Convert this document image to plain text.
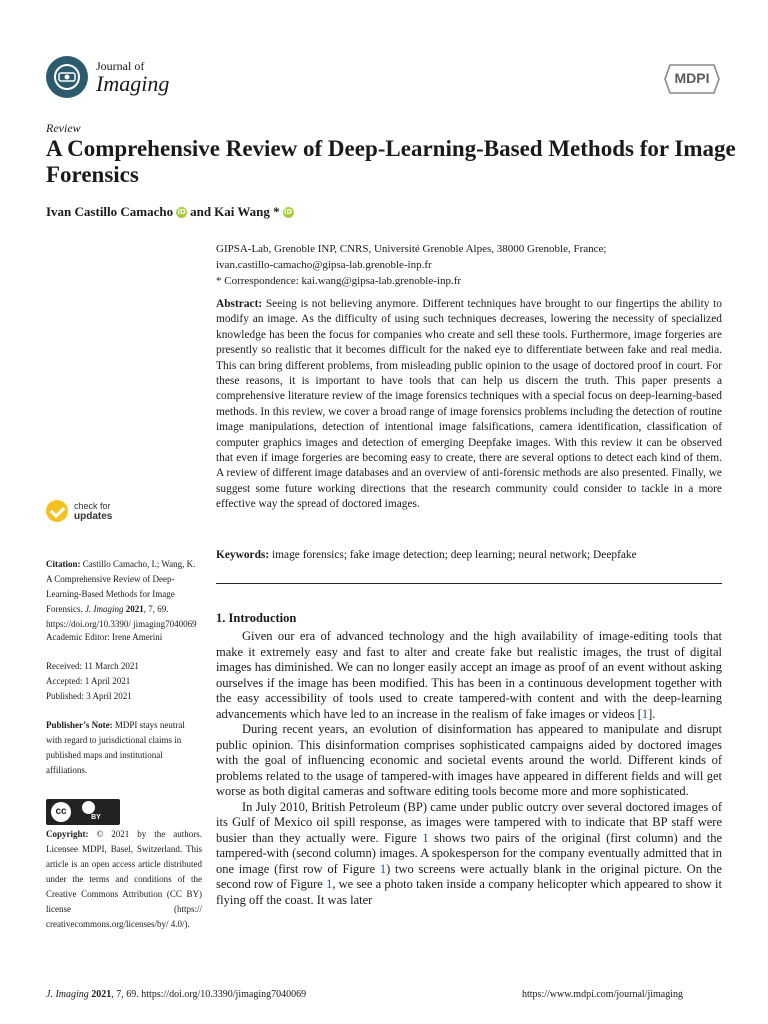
Journal of
Imaging	MDPI
Review
A Comprehensive Review of Deep-Learning-Based Methods for Image Forensics
Ivan Castillo Camacho iD and Kai Wang * iD
GIPSA-Lab, Grenoble INP, CNRS, Université Grenoble Alpes, 38000 Grenoble, France;
ivan.castillo-camacho@gipsa-lab.grenoble-inp.fr
* Correspondence: kai.wang@gipsa-lab.grenoble-inp.fr
Abstract: Seeing is not believing anymore. Different techniques have brought to our fingertips the ability to modify an image. As the difficulty of using such techniques decreases, lowering the necessity of specialized knowledge has been the focus for companies who create and sell these tools. Furthermore, image forgeries are presently so realistic that it becomes difficult for the naked eye to differentiate between fake and real media. This can bring different problems, from misleading public opinion to the usage of doctored proof in court. For these reasons, it is important to have tools that can help us discern the truth. This paper presents a comprehensive literature review of the image forensics techniques with a special focus on deep-learning-based methods. In this review, we cover a broad range of image forensics problems including the detection of routine image manipulations, detection of intentional image falsifications, camera identification, classification of computer graphics images and detection of emerging Deepfake images. With this review it can be observed that even if image forgeries are becoming easy to create, there are several options to detect each kind of them. A review of different image databases and an overview of anti-forensic methods are also presented. Finally, we suggest some future working directions that the research community could consider to tackle in a more effective way the spread of doctored images.
Keywords: image forensics; fake image detection; deep learning; neural network; Deepfake
check for
updates
Citation: Castillo Camacho, I.; Wang, K. A Comprehensive Review of Deep-Learning-Based Methods for Image Forensics. J. Imaging 2021, 7, 69. https://doi.org/10.3390/ jimaging7040069
Academic Editor: Irene Amerini
Received: 11 March 2021
Accepted: 1 April 2021
Published: 3 April 2021
Publisher’s Note: MDPI stays neutral with regard to jurisdictional claims in published maps and institutional affiliations.
cc
BY
Copyright: © 2021 by the authors. Licensee MDPI, Basel, Switzerland. This article is an open access article distributed under the terms and conditions of the Creative Commons Attribution (CC BY) license (https:// creativecommons.org/licenses/by/ 4.0/).
1. Introduction

Given our era of advanced technology and the high availability of image-editing tools that make it extremely easy and fast to alter and create fake but realistic images, the trust of digital images has diminished. We can no longer easily accept an image as proof of an event without asking ourselves if the image has been modified. This has been in a continuous development together with the easy accessibility of tools used to create tampered-with content and with the deep-learning advancements which have led to an increase in the realism of fake images or videos [1].

During recent years, an evolution of disinformation has appeared to manipulate and disrupt public opinion. This disinformation comprises sophisticated campaigns aided by doctored images with the goal of influencing economic and societal events around the world. Different kinds of problems related to the usage of tampered-with images have appeared in different fields and will get worse as both digital cameras and software editing tools become more and more sophisticated.

In July 2010, British Petroleum (BP) came under public outcry over several doctored images of its Gulf of Mexico oil spill response, as images were tampered with to indicate that BP staff were busier than they actually were. Figure 1 shows two pairs of the original (first column) and the tampered-with (second column) images. A spokesperson for the company eventually admitted that in one image (first row of Figure 1) two screens were actually blank in the original picture. On the second row of Figure 1, we see a photo taken inside a company helicopter which appeared to show it flying off the coast. It was later

J. Imaging 2021, 7, 69. https://doi.org/10.3390/jimaging7040069	https://www.mdpi.com/journal/jimaging
